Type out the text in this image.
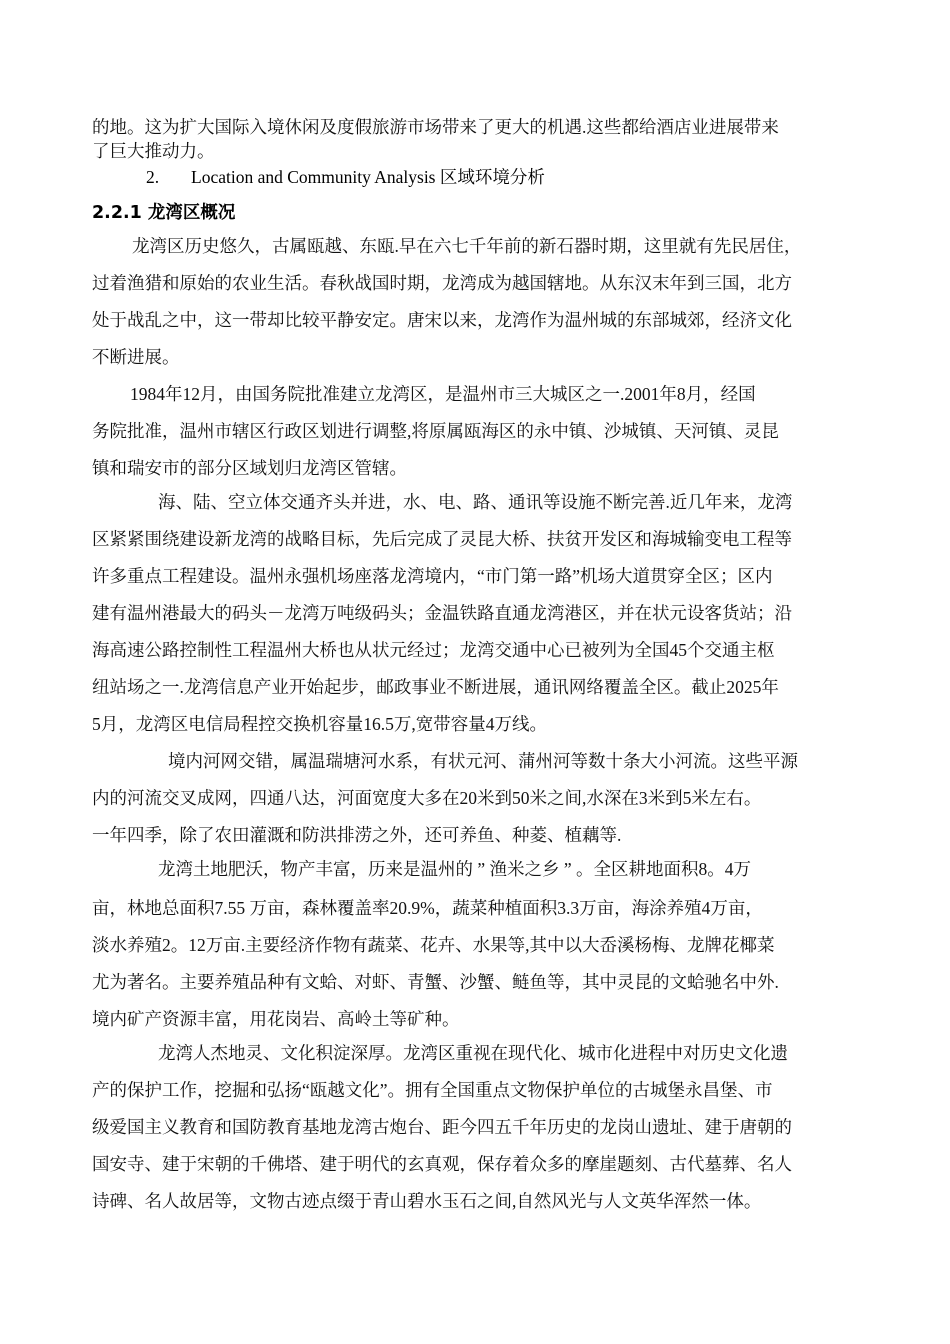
的地。这为扩大国际入境休闲及度假旅游市场带来了更大的机遇.这些都给酒店业进展带来
了巨大推动力。
2. Location and Community Analysis 区域环境分析
2.2.1 龙湾区概况
龙湾区历史悠久，古属瓯越、东瓯.早在六七千年前的新石器时期，这里就有先民居住，
过着渔猎和原始的农业生活。春秋战国时期，龙湾成为越国辖地。从东汉末年到三国，北方
处于战乱之中，这一带却比较平静安定。唐宋以来，龙湾作为温州城的东部城郊，经济文化
不断进展。
1984年12月，由国务院批准建立龙湾区，是温州市三大城区之一.2001年8月，经国
务院批准，温州市辖区行政区划进行调整,将原属瓯海区的永中镇、沙城镇、天河镇、灵昆
镇和瑞安市的部分区域划归龙湾区管辖。
海、陆、空立体交通齐头并进，水、电、路、通讯等设施不断完善.近几年来，龙湾
区紧紧围绕建设新龙湾的战略目标，先后完成了灵昆大桥、扶贫开发区和海城输变电工程等
许多重点工程建设。温州永强机场座落龙湾境内，“市门第一路”机场大道贯穿全区；区内
建有温州港最大的码头－龙湾万吨级码头；金温铁路直通龙湾港区，并在状元设客货站；沿
海高速公路控制性工程温州大桥也从状元经过；龙湾交通中心已被列为全国45个交通主枢
纽站场之一.龙湾信息产业开始起步，邮政事业不断进展，通讯网络覆盖全区。截止2025年
5月，龙湾区电信局程控交换机容量16.5万,宽带容量4万线。
境内河网交错，属温瑞塘河水系，有状元河、蒲州河等数十条大小河流。这些平源
内的河流交叉成网，四通八达，河面宽度大多在20米到50米之间,水深在3米到5米左右。
一年四季，除了农田灌溉和防洪排涝之外，还可养鱼、种菱、植藕等.
龙湾土地肥沃，物产丰富，历来是温州的 ” 渔米之乡 ” 。全区耕地面积8。4万
亩，林地总面积7.55 万亩，森林覆盖率20.9%，蔬菜种植面积3.3万亩，海涂养殖4万亩，
淡水养殖2。12万亩.主要经济作物有蔬菜、花卉、水果等,其中以大岙溪杨梅、龙牌花椰菜
尤为著名。主要养殖品种有文蛤、对虾、青蟹、沙蟹、鲢鱼等，其中灵昆的文蛤驰名中外.
境内矿产资源丰富，用花岗岩、高岭土等矿种。
龙湾人杰地灵、文化积淀深厚。龙湾区重视在现代化、城市化进程中对历史文化遗
产的保护工作，挖掘和弘扬“瓯越文化”。拥有全国重点文物保护单位的古城堡永昌堡、市
级爱国主义教育和国防教育基地龙湾古炮台、距今四五千年历史的龙岗山遗址、建于唐朝的
国安寺、建于宋朝的千佛塔、建于明代的玄真观，保存着众多的摩崖题刻、古代墓葬、名人
诗碑、名人故居等，文物古迹点缀于青山碧水玉石之间,自然风光与人文英华浑然一体。
